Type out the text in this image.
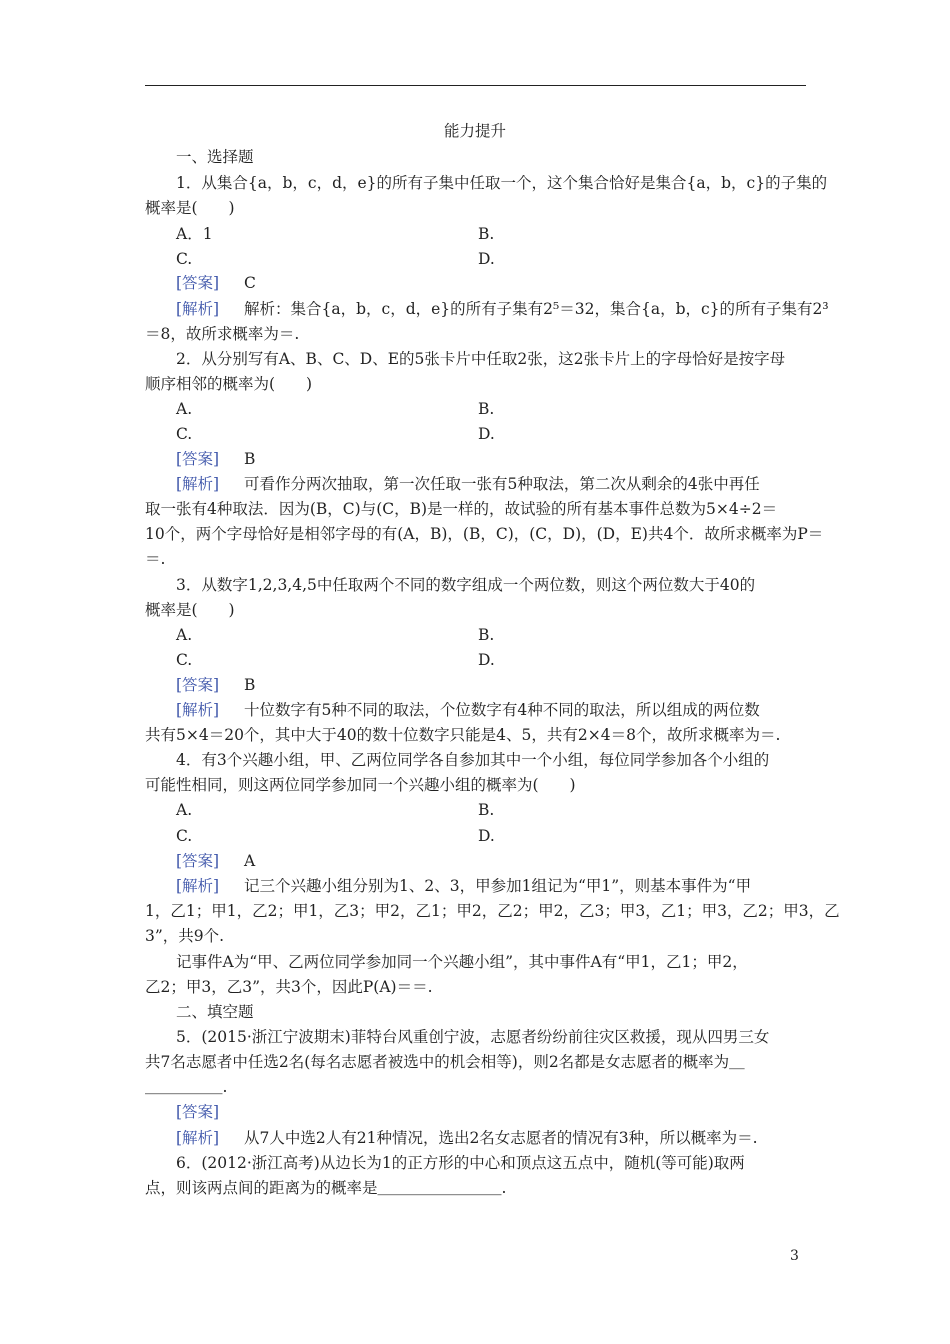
能力提升
一、选择题
1．从集合{a，b，c，d，e}的所有子集中任取一个，这个集合恰好是集合{a，b，c}的子集的
概率是(　　)
A．1	B.
C.	D.
[答案] C
[解析] 解析：集合{a，b，c，d，e}的所有子集有2⁵＝32，集合{a，b，c}的所有子集有2³
＝8，故所求概率为＝.
2．从分别写有A、B、C、D、E的5张卡片中任取2张，这2张卡片上的字母恰好是按字母
顺序相邻的概率为(　　)
A.	B.
C.	D.
[答案] B
[解析] 可看作分两次抽取，第一次任取一张有5种取法，第二次从剩余的4张中再任
取一张有4种取法．因为(B，C)与(C，B)是一样的，故试验的所有基本事件总数为5×4÷2＝
10个，两个字母恰好是相邻字母的有(A，B)，(B，C)，(C，D)，(D，E)共4个．故所求概率为P＝
＝.
3．从数字1,2,3,4,5中任取两个不同的数字组成一个两位数，则这个两位数大于40的
概率是(　　)
A.	B.
C.	D.
[答案] B
[解析] 十位数字有5种不同的取法，个位数字有4种不同的取法，所以组成的两位数
共有5×4＝20个，其中大于40的数十位数字只能是4、5，共有2×4＝8个，故所求概率为＝.
4．有3个兴趣小组，甲、乙两位同学各自参加其中一个小组，每位同学参加各个小组的
可能性相同，则这两位同学参加同一个兴趣小组的概率为(　　)
A.	B.
C.	D.
[答案] A
[解析] 记三个兴趣小组分别为1、2、3，甲参加1组记为“甲1”，则基本事件为“甲
1，乙1；甲1，乙2；甲1，乙3；甲2，乙1；甲2，乙2；甲2，乙3；甲3，乙1；甲3，乙2；甲3，乙
3”，共9个.
记事件A为“甲、乙两位同学参加同一个兴趣小组”，其中事件A有“甲1，乙1；甲2，
乙2；甲3，乙3”，共3个，因此P(A)＝＝.
二、填空题
5．(2015·浙江宁波期末)菲特台风重创宁波，志愿者纷纷前往灾区救援，现从四男三女
共7名志愿者中任选2名(每名志愿者被选中的机会相等)，则2名都是女志愿者的概率为＿
＿＿＿＿＿.
[答案]
[解析] 从7人中选2人有21种情况，选出2名女志愿者的情况有3种，所以概率为＝.
6．(2012·浙江高考)从边长为1的正方形的中心和顶点这五点中，随机(等可能)取两
点，则该两点间的距离为的概率是＿＿＿＿＿＿＿＿.
3
